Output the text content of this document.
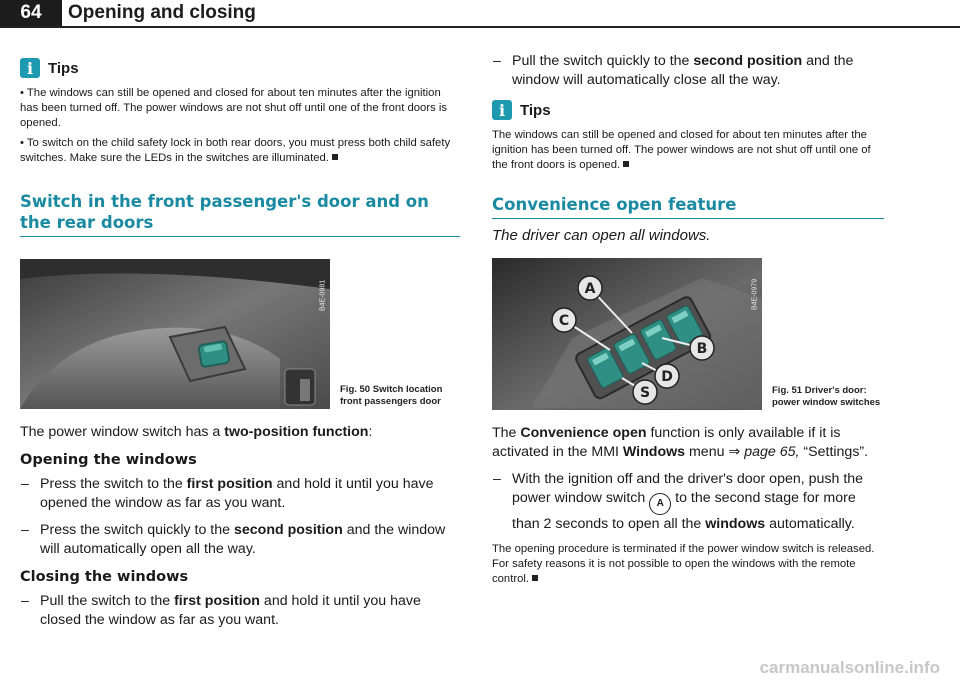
64	Opening and closing
i Tips

• The windows can still be opened and closed for about ten minutes after the ignition has been turned off. The power windows are not shut off until one of the front doors is opened.

• To switch on the child safety lock in both rear doors, you must press both child safety switches. Make sure the LEDs in the switches are illuminated.

Switch in the front passenger's door and on the rear doors
B4E-0981
Fig. 50 Switch location front passengers door

The power window switch has a two-position function:

Opening the windows

– Press the switch to the first position and hold it until you have opened the window as far as you want.

– Press the switch quickly to the second position and the window will automatically open all the way.

Closing the windows

– Pull the switch to the first position and hold it until you have closed the window as far as you want.

– Pull the switch quickly to the second position and the window will automatically close all the way.

i Tips

The windows can still be opened and closed for about ten minutes after the ignition has been turned off. The power windows are not shut off until one of the front doors is opened.

Convenience open feature
The driver can open all windows.
A
B
C
D
S
B4E-0979
Fig. 51 Driver's door: power window switches

The Convenience open function is only available if it is activated in the MMI Windows menu ⇒ page 65, “Settings”.

– With the ignition off and the driver's door open, push the power window switch A to the second stage for more than 2 seconds to open all the windows automatically.

The opening procedure is terminated if the power window switch is released. For safety reasons it is not possible to open the windows with the remote control.

carmanualsonline.info
